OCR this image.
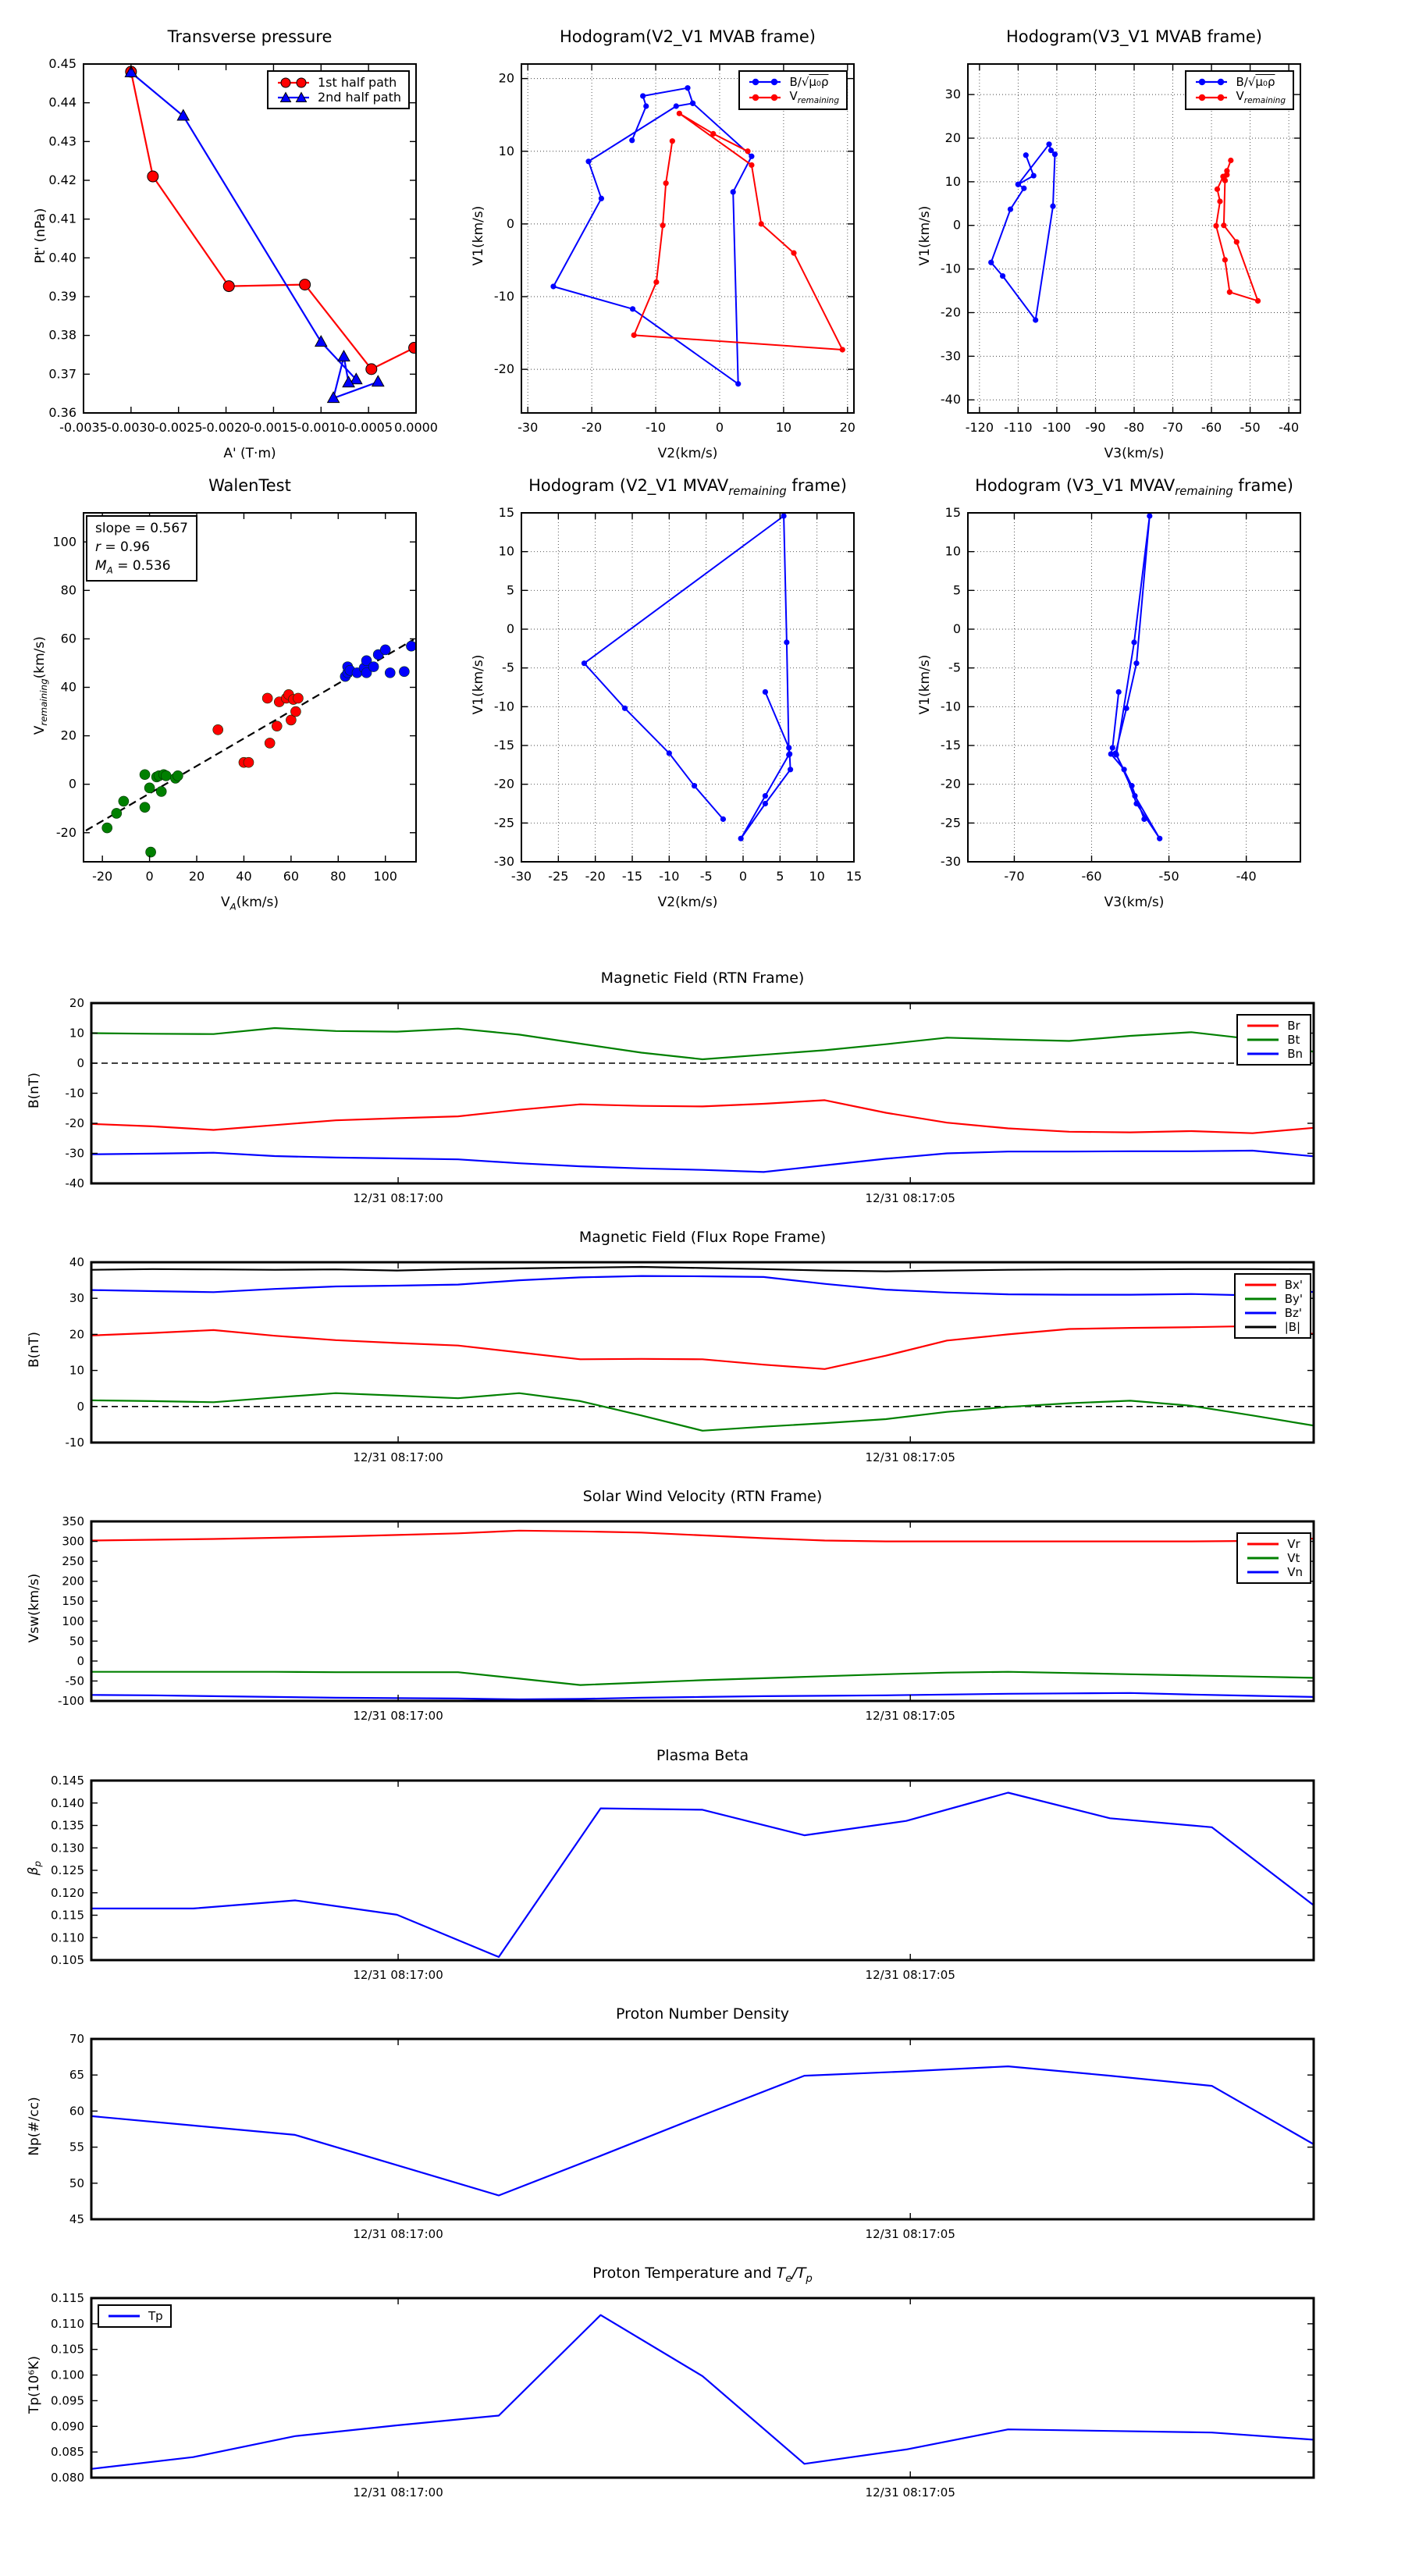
Transverse pressure
Pt' (nPa)
A' (T·m)
Hodogram(V2_V1 MVAB frame)
V1(km/s)
V2(km/s)
Hodogram(V3_V1 MVAB frame)
V1(km/s)
V3(km/s)
WalenTest
$V_{remaining}(km/s)$
$V_A(km/s)$
Hodogram (V2_V1 $MVAV_{remaining}$ frame)
V1(km/s)
V2(km/s)
Hodogram (V3_V1 $MVAV_{remaining}$ frame)
V1(km/s)
V3(km/s)
Magnetic Field (RTN Frame)
B(nT)
Magnetic Field (Flux Rope Frame)
B(nT)
Solar Wind Velocity (RTN Frame)
Vsw(km/s)
Plasma Beta
$\beta_p$
Proton Number Density
Np(#/cc)
Proton Temperature and $T_e/T_p$
Tp(10⁶K)
-0.0035 -0.0030 -0.0025 -0.0020 -0.0015 -0.0010 -0.0005 0.0000
0.36
0.37
0.38
0.39
0.40
0.41
0.42
0.43
0.44
0.45
1st half path
2nd half path
-30	-20	-10	0	10	20
-20
-10
0
10
20	B/√μ₀ρ
$V_{remaining}$
-120 -110 -100 -90 -80 -70 -60 -50 -40
-40
-30
-20
-10
0
10
20
30
B/√μ₀ρ
$V_{remaining}$
-20	0	20	40	60	80 100
-20
0
20
40
60
80
100
slope = 0.567
r = 0.96
$M_A = 0.536$
-30 -25 -20 -15 -10 -5 0 5 10 15
-30
-25
-20
-15
-10
-5
0
5
10
15
-70	-60	-50	-40
-30
-25
-20
-15
-10
-5
0
5
10
15
12/31 08:17:00	12/31 08:17:05
-40
-30
-20
-10
0
10
20
Br
Bt
Bn
12/31 08:17:00	12/31 08:17:05
-10
0
10
20
30
40
Bx'
By'
Bz'
|B|
12/31 08:17:00	12/31 08:17:05
-100
-50
0
50
100
150
200
250
300
350
Vr
Vt
Vn
12/31 08:17:00	12/31 08:17:05
0.105
0.110
0.115
0.120
0.125
0.130
0.135
0.140
0.145
12/31 08:17:00	12/31 08:17:05
45
50
55
60
65
70
12/31 08:17:00	12/31 08:17:05
0.080
0.085
0.090
0.095
0.100
0.105
0.110
0.115
Tp
